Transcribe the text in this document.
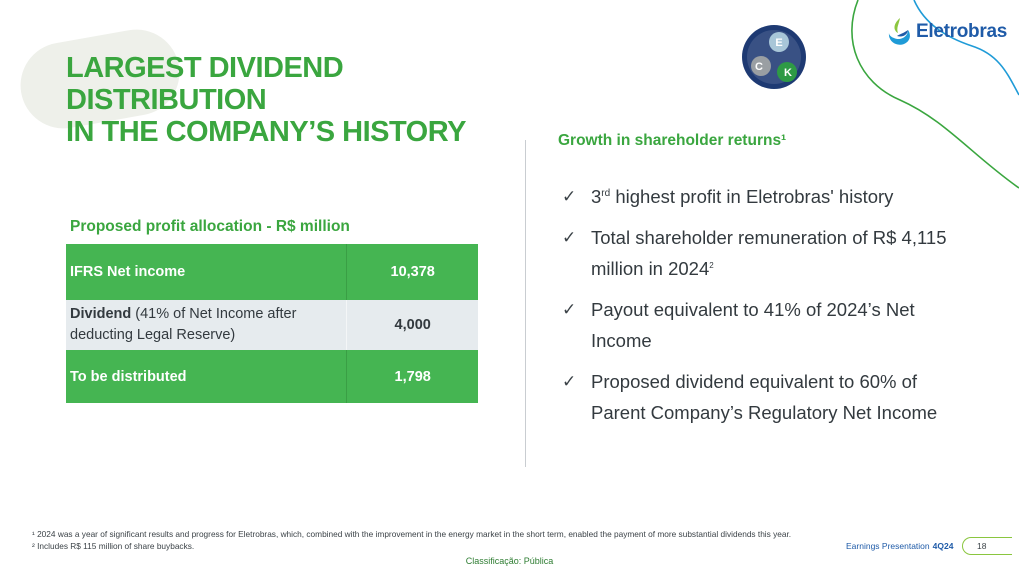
LARGEST DIVIDEND DISTRIBUTION
IN THE COMPANY’S HISTORY
E
C K
Eletrobras
Proposed profit allocation - R$ million
IFRS Net income	10,378
Dividend (41% of Net Income after deducting Legal Reserve)	4,000
To be distributed	1,798
Growth in shareholder returns¹
✓ 3rd highest profit in Eletrobras' history
✓ Total shareholder remuneration of R$ 4,115 million in 2024$^2$
✓ Payout equivalent to 41% of 2024’s Net Income
✓ Proposed dividend equivalent to 60% of Parent Company’s Regulatory Net Income
¹ 2024 was a year of significant results and progress for Eletrobras, which, combined with the improvement in the energy market in the short term, enabled the payment of more substantial dividends this year.
² Includes R$ 115 million of share buybacks.	Earnings Presentation 4Q24	18
Classificação: Pública
